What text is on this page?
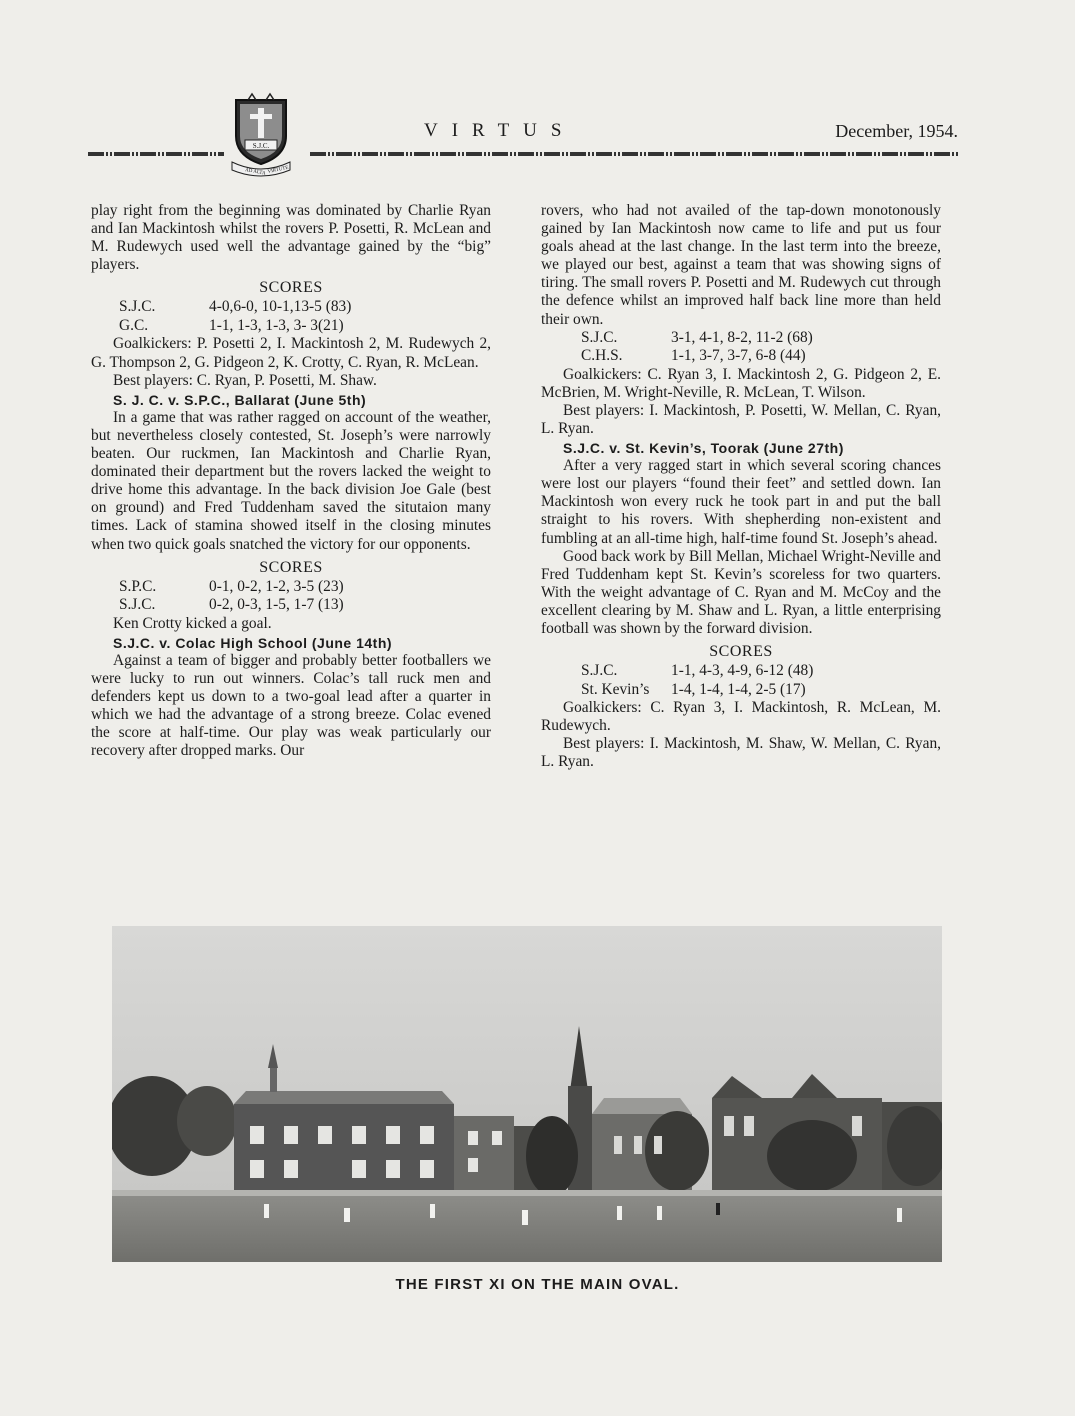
S.J.C.
AD ALTA VIRTUTE
VIRTUS	December, 1954.

play right from the beginning was dominated by Charlie Ryan and Ian Mackintosh whilst the rovers P. Posetti, R. McLean and M. Rudewych used well the advantage gained by the “big” players.

SCORES
S.J.C.	4-0,6-0, 10-1,13-5 (83)
G.C.	1-1, 1-3, 1-3, 3- 3(21)

Goalkickers: P. Posetti 2, I. Mackintosh 2, M. Rudewych 2, G. Thompson 2, G. Pidgeon 2, K. Crotty, C. Ryan, R. McLean.

Best players: C. Ryan, P. Posetti, M. Shaw.

S. J. C. v. S.P.C., Ballarat (June 5th)

In a game that was rather ragged on account of the weather, but nevertheless closely contested, St. Joseph’s were narrowly beaten. Our ruckmen, Ian Mackintosh and Charlie Ryan, dominated their department but the rovers lacked the weight to drive home this advantage. In the back division Joe Gale (best on ground) and Fred Tuddenham saved the situtaion many times. Lack of stamina showed itself in the closing minutes when two quick goals snatched the victory for our opponents.

SCORES
S.P.C.	0-1, 0-2, 1-2, 3-5 (23)
S.J.C.	0-2, 0-3, 1-5, 1-7 (13)

Ken Crotty kicked a goal.

S.J.C. v. Colac High School (June 14th)

Against a team of bigger and probably better footballers we were lucky to run out winners. Colac’s tall ruck men and defenders kept us down to a two-goal lead after a quarter in which we had the advantage of a strong breeze. Colac evened the score at half-time. Our play was weak particularly our recovery after dropped marks. Our

rovers, who had not availed of the tap-down monotonously gained by Ian Mackintosh now came to life and put us four goals ahead at the last change. In the last term into the breeze, we played our best, against a team that was showing signs of tiring. The small rovers P. Posetti and M. Rudewych cut through the defence whilst an improved half back line more than held their own.

S.J.C.	3-1, 4-1, 8-2, 11-2 (68)
C.H.S.	1-1, 3-7, 3-7, 6-8 (44)

Goalkickers: C. Ryan 3, I. Mackintosh 2, G. Pidgeon 2, E. McBrien, M. Wright-Neville, R. McLean, T. Wilson.

Best players: I. Mackintosh, P. Posetti, W. Mellan, C. Ryan, L. Ryan.

S.J.C. v. St. Kevin’s, Toorak (June 27th)

After a very ragged start in which several scoring chances were lost our players “found their feet” and settled down. Ian Mackintosh won every ruck he took part in and put the ball straight to his rovers. With shepherding non-existent and fumbling at an all-time high, half-time found St. Joseph’s ahead.

Good back work by Bill Mellan, Michael Wright-Neville and Fred Tuddenham kept St. Kevin’s scoreless for two quarters. With the weight advantage of C. Ryan and M. McCoy and the excellent clearing by M. Shaw and L. Ryan, a little enterprising football was shown by the forward division.

SCORES
S.J.C.	1-1, 4-3, 4-9, 6-12 (48)
St. Kevin’s	1-4, 1-4, 1-4, 2-5 (17)

Goalkickers: C. Ryan 3, I. Mackintosh, R. McLean, M. Rudewych.

Best players: I. Mackintosh, M. Shaw, W. Mellan, C. Ryan, L. Ryan.

THE FIRST XI ON THE MAIN OVAL.
